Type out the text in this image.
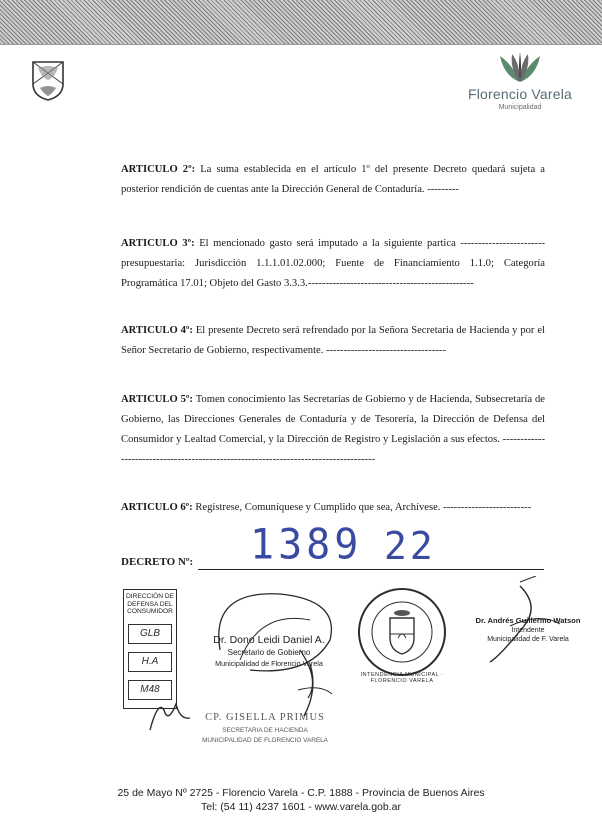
Florencio Varela
Municipalidad
ARTICULO 2º: La suma establecida en el artículo 1º del presente Decreto quedará sujeta a posterior rendición de cuentas ante la Dirección General de Contaduría. ---------
ARTICULO 3º: El mencionado gasto será imputado a la siguiente partica ------------------------ presupuestaria: Jurisdicción 1.1.1.01.02.000; Fuente de Financiamiento 1.1.0; Categoría Programática 17.01; Objeto del Gasto 3.3.3.-----------------------------------------------
ARTICULO 4º: El presente Decreto será refrendado por la Señora Secretaria de Hacienda y por el Señor Secretario de Gobierno, respectivamente. ----------------------------------
ARTICULO 5º: Tomen conocimiento las Secretarías de Gobierno y de Hacienda, Subsecretaría de Gobierno, las Direcciones Generales de Contaduría y de Tesorería, la Dirección de Defensa del Consumidor y Lealtad Comercial, y la Dirección de Registro y Legislación a sus efectos. ------------------------------------------------------------------------------------
ARTICULO 6º: Regístrese, Comuníquese y Cumplido que sea, Archívese. -------------------------
DECRETO Nº: 1389 22
DIRECCIÓN DE
DEFENSA DEL
CONSUMIDOR
GLB
H.A
M48
Dr. Dono Leidi Daniel A.
Secretario de Gobierno
Municipalidad de Florencio Varela
INTENDENCIA MUNICIPAL · FLORENCIO VARELA
Dr. Andrés Guillermo Watson
Intendente
Municipalidad de F. Varela
CP. GISELLA PRIMUS
SECRETARIA DE HACIENDA
MUNICIPALIDAD DE FLORENCIO VARELA
25 de Mayo Nº 2725 - Florencio Varela - C.P. 1888 - Provincia de Buenos Aires
Tel: (54 11) 4237 1601 - www.varela.gob.ar
